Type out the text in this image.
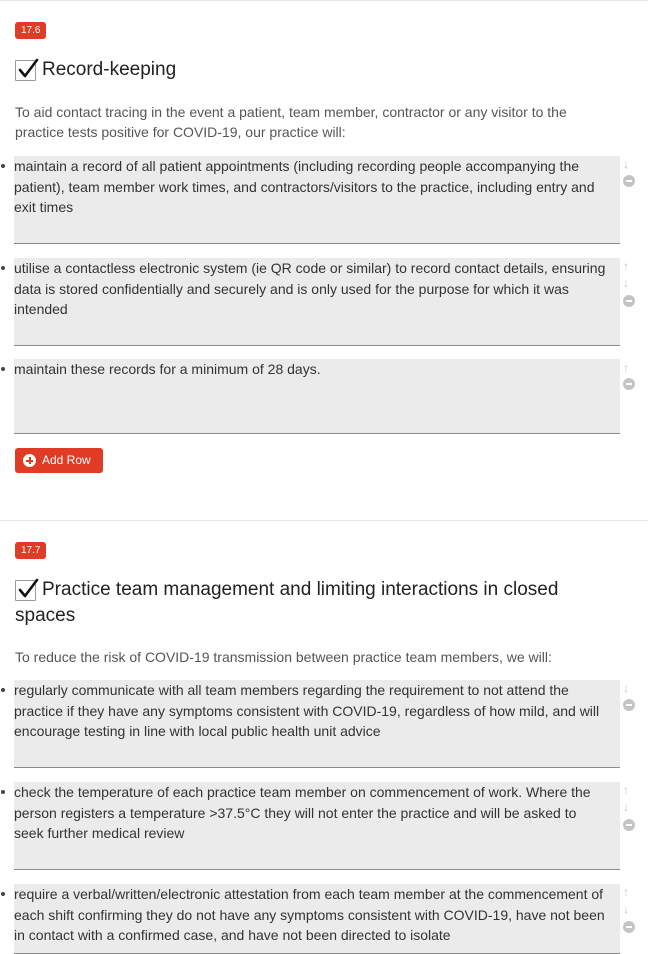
17.6
Record-keeping
To aid contact tracing in the event a patient, team member, contractor or any visitor to the practice tests positive for COVID-19, our practice will:
maintain a record of all patient appointments (including recording people accompanying the patient), team member work times, and contractors/visitors to the practice, including entry and exit times
↓
utilise a contactless electronic system (ie QR code or similar) to record contact details, ensuring data is stored confidentially and securely and is only used for the purpose for which it was intended
↑
↓
maintain these records for a minimum of 28 days.	↑
Add Row
17.7
Practice team management and limiting interactions in closed
spaces
To reduce the risk of COVID-19 transmission between practice team members, we will:
regularly communicate with all team members regarding the requirement to not attend the practice if they have any symptoms consistent with COVID-19, regardless of how mild, and will encourage testing in line with local public health unit advice
↓
check the temperature of each practice team member on commencement of work. Where the person registers a temperature >37.5°C they will not enter the practice and will be asked to seek further medical review
↑
↓
require a verbal/written/electronic attestation from each team member at the commencement of each shift confirming they do not have any symptoms consistent with COVID-19, have not been in contact with a confirmed case, and have not been directed to isolate
↑
↓
